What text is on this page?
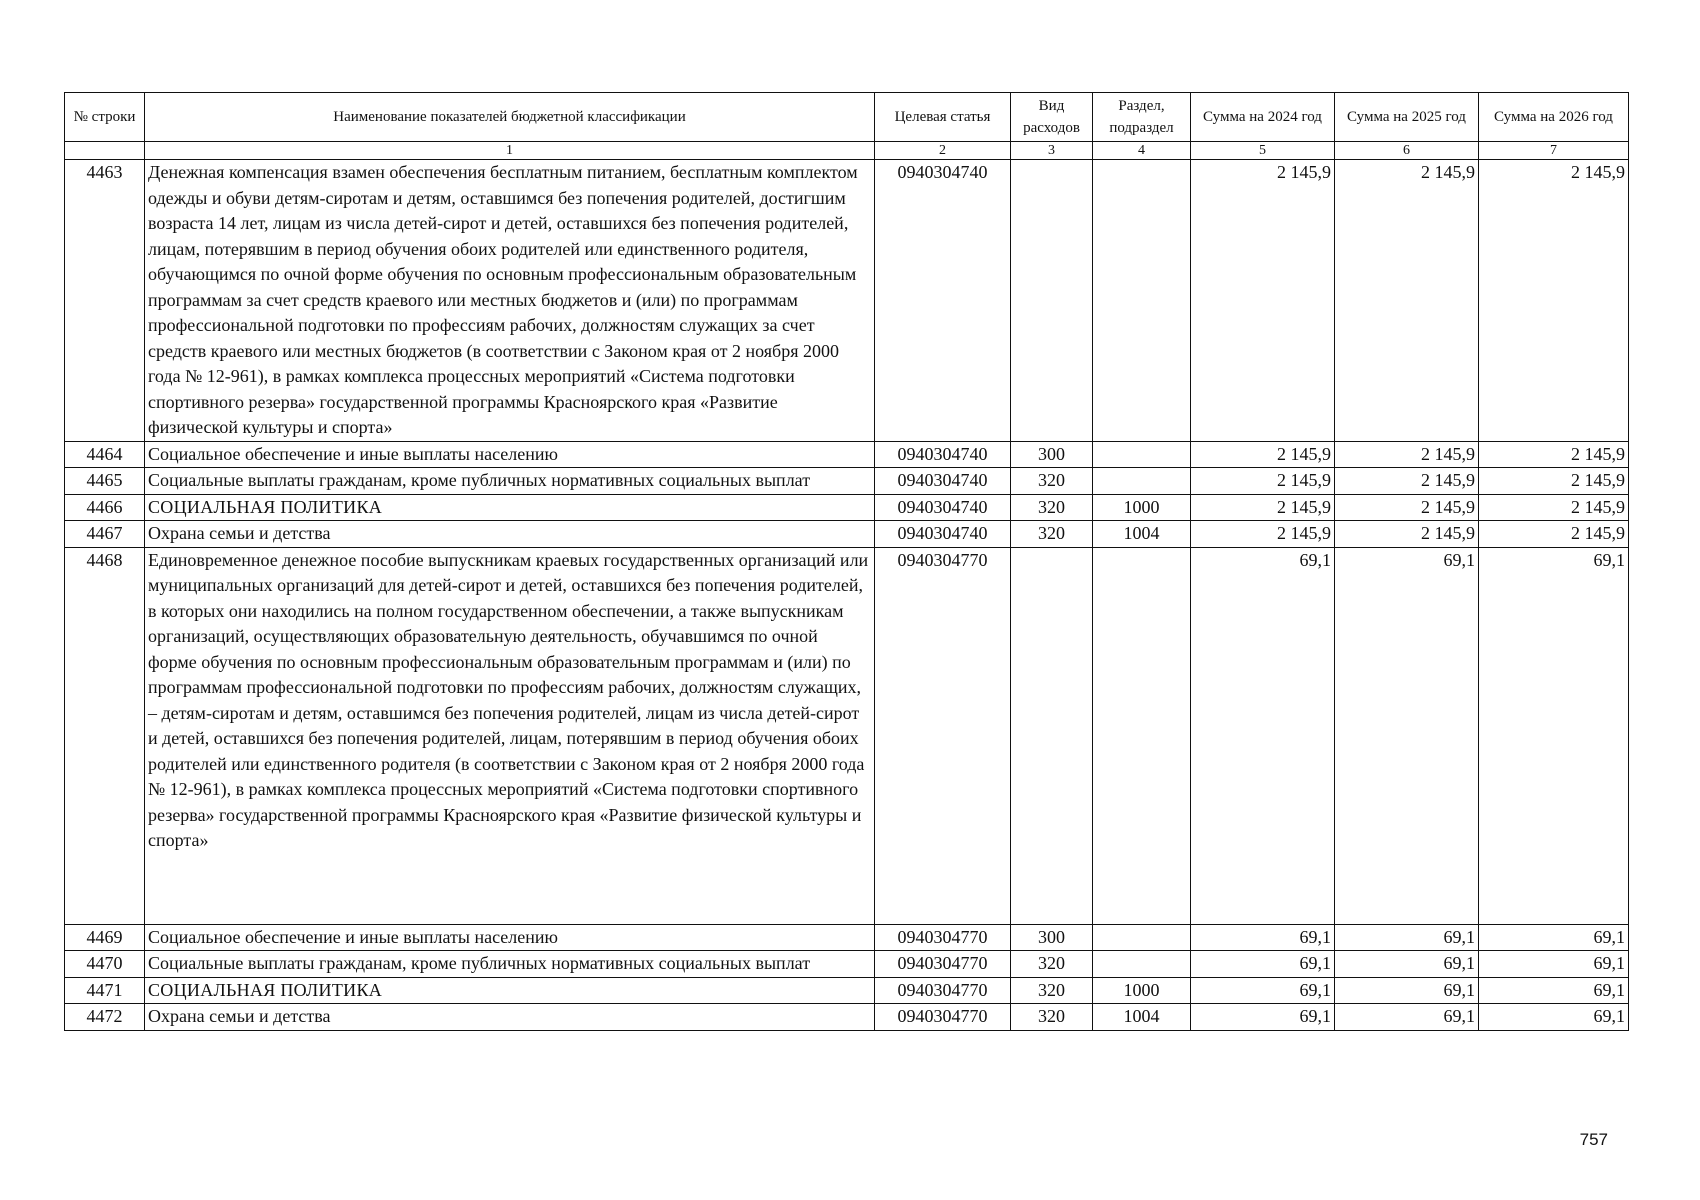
№ строки	Наименование показателей бюджетной классификации	Целевая статья	Вид расходов	Раздел, подраздел	Сумма на 2024 год	Сумма на 2025 год	Сумма на 2026 год
	1	2	3	4	5	6	7
4463	Денежная компенсация взамен обеспечения бесплатным питанием, бесплатным комплектом одежды и обуви детям-сиротам и детям, оставшимся без попечения родителей, достигшим возраста 14 лет, лицам из числа детей-сирот и детей, оставшихся без попечения родителей, лицам, потерявшим в период обучения обоих родителей или единственного родителя, обучающимся по очной форме обучения по основным профессиональным образовательным программам за счет средств краевого или местных бюджетов и (или) по программам профессиональной подготовки по профессиям рабочих, должностям служащих за счет средств краевого или местных бюджетов (в соответствии с Законом края от 2 ноября 2000 года № 12-961), в рамках комплекса процессных мероприятий «Система подготовки спортивного резерва» государственной программы Красноярского края «Развитие физической культуры и спорта»	0940304740			2 145,9	2 145,9	2 145,9
4464	Социальное обеспечение и иные выплаты населению	0940304740	300		2 145,9	2 145,9	2 145,9
4465	Социальные выплаты гражданам, кроме публичных нормативных социальных выплат	0940304740	320		2 145,9	2 145,9	2 145,9
4466	СОЦИАЛЬНАЯ ПОЛИТИКА	0940304740	320	1000	2 145,9	2 145,9	2 145,9
4467	Охрана семьи и детства	0940304740	320	1004	2 145,9	2 145,9	2 145,9
4468	Единовременное денежное пособие выпускникам краевых государственных организаций или муниципальных организаций для детей-сирот и детей, оставшихся без попечения родителей, в которых они находились на полном государственном обеспечении, а также выпускникам организаций, осуществляющих образовательную деятельность, обучавшимся по очной форме обучения по основным профессиональным образовательным программам и (или) по программам профессиональной подготовки по профессиям рабочих, должностям служащих, – детям-сиротам и детям, оставшимся без попечения родителей, лицам из числа детей-сирот и детей, оставшихся без попечения родителей, лицам, потерявшим в период обучения обоих родителей или единственного родителя (в соответствии с Законом края от 2 ноября 2000 года № 12-961), в рамках комплекса процессных мероприятий «Система подготовки спортивного резерва» государственной программы Красноярского края «Развитие физической культуры и спорта»	0940304770			69,1	69,1	69,1
4469	Социальное обеспечение и иные выплаты населению	0940304770	300		69,1	69,1	69,1
4470	Социальные выплаты гражданам, кроме публичных нормативных социальных выплат	0940304770	320		69,1	69,1	69,1
4471	СОЦИАЛЬНАЯ ПОЛИТИКА	0940304770	320	1000	69,1	69,1	69,1
4472	Охрана семьи и детства	0940304770	320	1004	69,1	69,1	69,1
757
